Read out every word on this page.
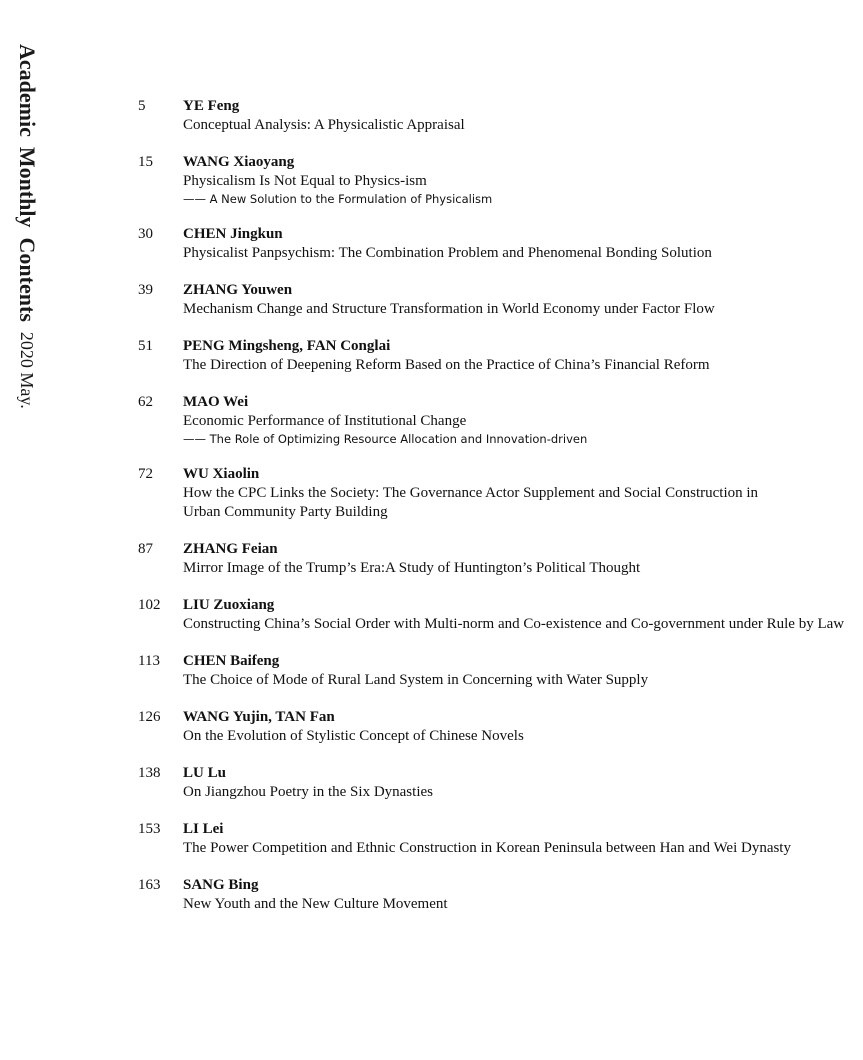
AcademicMonthlyContents2020 May.
5	YE Feng
Conceptual Analysis: A Physicalistic Appraisal
15	WANG Xiaoyang
Physicalism Is Not Equal to Physics-ism
—— A New Solution to the Formulation of Physicalism
30	CHEN Jingkun
Physicalist Panpsychism: The Combination Problem and Phenomenal Bonding Solution
39	ZHANG Youwen
Mechanism Change and Structure Transformation in World Economy under Factor Flow
51	PENG Mingsheng, FAN Conglai
The Direction of Deepening Reform Based on the Practice of China’s Financial Reform
62	MAO Wei
Economic Performance of Institutional Change
—— The Role of Optimizing Resource Allocation and Innovation-driven
72	WU Xiaolin
How the CPC Links the Society: The Governance Actor Supplement and Social Construction in Urban Community Party Building
87	ZHANG Feian
Mirror Image of the Trump’s Era:A Study of Huntington’s Political Thought
102	LIU Zuoxiang
Constructing China’s Social Order with Multi-norm and Co-existence and Co-government under Rule by Law
113	CHEN Baifeng
The Choice of Mode of Rural Land System in Concerning with Water Supply
126	WANG Yujin, TAN Fan
On the Evolution of Stylistic Concept of Chinese Novels
138	LU Lu
On Jiangzhou Poetry in the Six Dynasties
153	LI Lei
The Power Competition and Ethnic Construction in Korean Peninsula between Han and Wei Dynasty
163	SANG Bing
New Youth and the New Culture Movement
